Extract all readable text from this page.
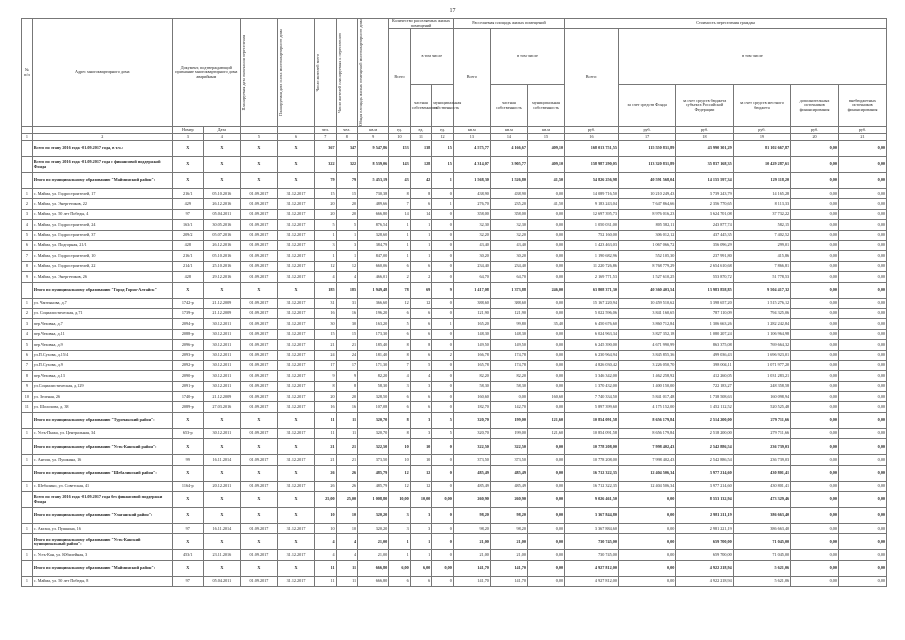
17
№ п/п	Адрес многоквартирного дома	Документ, подтверждающий признание многоквартирного дома аварийным		Планируемая дата окончания переселения	Планируемая дата сноса многоквартирного дома	Число жителей всего	Число жителей планируемых к переселению	Общая площадь жилых помещений многоквартирного дома	Количество расселяемых жилых помещений			Расселяемая площадь жилых помещений			Стоимость переселения граждан					
									Всего	в том числе		Всего	в том числе		Всего:	в том числе				
										частная собственность	муниципальная собственность		частная собственность	муниципальная собственность		за счет средств Фонда	за счет средств бюджета субъекта Российской Федерации	за счет средств местного бюджета	дополнительных источников финансирования	внебюджетных источников финансирования
		Номер	Дата			чел.	чел.	кв.м	ед.	ед.	ед.	кв.м	кв.м	кв.м	руб.	руб.	руб.	руб.	руб.	руб.
1	2	3	4	5	6	7	8	9	10	11	12	13	14	15	16	17	18	19	20	21
	Всего по этапу 2016 года -01.09.2017 года, в т.ч.:	X	X	X	X	367	347	9 547,86	153	138	15	4 575,77	4 166,67	409,10	168 013 751,55	115 550 831,89	43 990 301,29	81 102 667,87	0,00	0,00
	Всего по этапу 2016 года -01.09.2017 года с финансовой поддержкой Фонда	X	X	X	X	322	322	8 539,06	143	128	15	4 314,07	3 905,77	409,10	158 987 290,05	113 320 831,89	35 837 168,35	10 429 287,61	0,00	0,00
	Итого по муниципальному образованию "Майминский район":	X	X	X	X	79	79	5 453,19	43	42	1	1 568,30	1 526,80	41,50	54 826 256,98	40 591 568,04	14 155 597,34	129 118,20	0,00	0,00
1	с. Майма, ул. Гидростроителей, 17	216/1	05.10.2016	01.09.2017	31.12.2017	15	15	730,38	8	8	0	438,90	438,90	0,00	14 089 716,50	10 210 249,43	3 739 243,79	14 165,28	0,00	0,00
2	с. Майма, ул. Энергетиков, 22	429	26.12.2016	01.09.2017	31.12.2017	20	20	489,66	7	6	1	276,70	235,20	41,50	9 183 243,04	7 647 864,66	2 356 770,65	8 113,33	0,00	0,00
3	с. Майма, ул. 50 лет Победы, 4	97	05.04.2011	01.09.2017	31.12.2017	20	20	666,80	14	14	0	358,00	358,00	0,00	12 697 395,73	8 976 016,23	3 624 701,08	37 732,22	0,00	0,00
4	с. Майма, ул. Гидростроителей, 24	163/1	30.05.2016	01.09.2017	31.12.2017	5	5	876,54	1	1	0	32,30	32,30	0,00	1 050 031,00	805 582,11	243 877,74	582,15	0,00	0,00
5	с. Майма, ул. Гидростроителей, 37	209/2	05.07.2016	01.09.2017	31.12.2017	1	1	328,60	1	1	0	32,20	32,20	0,00	752 160,00	306 012,12	437 445,35	7 402,52	0,00	0,00
6	с. Майма, ул. Подгорная, 21/1	428	26.12.2016	01.09.2017	31.12.2017	3	3	384,79	1	1	0	43,40	43,40	0,00	1 423 463,03	1 067 066,72	356 096,29	299,01	0,00	0,00
7	с. Майма, ул. Гидростроителей, 10	216/1	05.10.2016	01.09.2017	31.12.2017	1	1	847,00	1	1	0	30,20	30,20	0,00	1 190 682,96	552 105,30	237 991,80	415,86	0,00	0,00
8	с. Майма, ул. Гидростроителей, 22	214/1	25.10.2016	01.09.2017	31.12.2017	12	12	660,06	6	6	0	234,40	234,40	0,00	11 220 726,86	8 768 779,29	2 654 610,68	7 866,81	0,00	0,00
9	с. Майма, ул. Энергетиков, 26	428	29.12.2016	01.09.2017	31.12.2017	4	4	466,01	2	2	0	64,70	64,70	0,00	2 169 771,53	1 527 610,25	553 870,72	51 778,53	0,00	0,00
	Итого по муниципальному образованию "Город Горно-Алтайск"	X	X	X	X	185	185	1 949,48	78	69	9	1 417,08	1 373,88	246,00	63 808 371,30	40 360 403,54	13 983 858,85	9 504 417,32	0,00	0,00
1	ул. Чаптынова, д.7	1742-р	21.12.2009	01.09.2017	31.12.2017	31	31	366,60	12	12	0	388,60	388,60	0,00	15 167 220,94	10 459 510,62	3 398 657,20	1 515 276,12	0,00	0,00
2	ул. Социалистическая, д.71	1739-р	21.12.2009	01.09.2017	31.12.2017	16	16	196,20	6	6	0	121,90	121,90	0,00	5 022 596,06	3 841 160,65	787 110,09	794 325,06	0,00	0,00
3	пер.Чеховка, д.7	2094-р	30.12.2011	01.09.2017	31.12.2017	30	30	163,20	5	6	1	165,20	99,80	35,40	6 450 676,60	3 860 712,84	1 306 663,26	1 282 242,84	0,00	0,00
4	пер.Чеховка, д.11	2088-р	30.12.2011	01.09.2017	31.12.2017	15	15	173,30	6	6	0	148,30	148,30	0,00	6 024 963,34	3 827 352,18	1 080 207,24	1 106 964,98	0,00	0,00
5	пер.Чеховка, д.9	2096-р	30.12.2011	01.09.2017	31.12.2017	21	21	185,40	8	8	0	149,50	149,50	0,00	6 245 390,00	4 671 990,99	863 375,08	769 664,32	0,00	0,00
6	ул.П.Сухова, д.15/4	2093-р	30.12.2011	01.09.2017	31.12.2017	24	24	181,40	8	6	2	166,78	174,78	0,00	6 230 964,94	3 845 855,36	499 036,43	1 696 923,01	0,00	0,00
7	ул.П.Сухова, д.9	2092-р	30.12.2011	01.09.2017	31.12.2017	17	17	171,30	7	5	0	165,78	174,78	0,00	4 826 030,42	3 226 050,70	398 004,11	1 071 977,20	0,00	0,00
8	пер.Чеховка, д.13	2090-р	30.12.2011	01.09.2017	31.12.2017	9	9	82,20	4	4	0	82,20	82,20	0,00	3 346 342,00	1 462 258,92	412 260,05	1 031 283,21	0,00	0,00
9	ул.Социалистическая, д.129	2091-р	30.12.2011	01.09.2017	31.12.2017	8	8	58,30	3	3	0	58,30	58,30	0,00	1 370 432,00	1 400 150,00	722 183,27	248 358,58	0,00	0,00
10	ул. Зеленая, 26	1740-р	21.12.2009	01.09.2017	31.12.2017	20	20	328,50	6	6	0	160,60	0,00	160,60	7 740 334,50	5 841 017,48	1 738 508,63	160 098,94	0,00	0,00
11	ул. Шолохова, д. 38	2089-р	27.03.2016	01.09.2017	31.12.2017	16	16	107,08	6	6	0	182,70	142,70	0,00	5 897 399,60	4 175 152,00	1 452 112,52	520 525,48	0,00	0,00
	Итого по муниципальному образованию "Турочакский район":	X	X	X	X	11	11	320,70	8	3	5	320,70	199,00	121,60	10 854 091,58	8 656 179,84	2 514 200,00	279 711,66	0,00	0,00
1	с. Усть-Пыжа, ул. Центральная, 34	653-р	30.12.2011	01.09.2017	31.12.2017	11	11	320,70	8	3	5	320,70	199,00	121,60	10 854 091,58	8 656 179,84	2 518 200,00	279 711,66	0,00	0,00
	Итого по муниципальному образованию "Усть-Канский район":	X	X	X	X	21	21	322,50	10	10	0	322,50	322,50	0,00	10 778 208,00	7 998 402,43	2 542 886,54	236 739,03	0,00	0,00
1	с. Антош, ул. Пушкина, 16	99	16.11.2014	01.09.2017	31.12.2017	21	21	373,50	10	10	0	373,50	373,50	0,00	10 778 208,00	7 998 402,43	2 542 886,54	236 739,03	0,00	0,00
	Итого по муниципальному образованию "Шебалинский район":	X	X	X	X	26	26	485,79	12	12	0	485,49	485,49	0,00	16 712 322,35	12 404 506,34	3 977 214,60	430 801,41	0,00	0,00
1	с. Шебалино, ул. Советская, 41	1164-р	20.12.2011	01.09.2017	31.12.2017	26	26	485,79	12	12	0	485,49	485,49	0,00	16 712 322,35	12 404 506,34	3 977 214,60	430 801,41	0,00	0,00
	Всего по этапу 2016 года -01.09.2017 года без финансовой поддержки Фонда	X	X	X	X	25,00	25,00	1 008,80	10,00	10,00	0,00	260,90	260,90	0,00	9 026 461,50	0,00	8 553 132,94	473 329,46	0,00	0,00
	Итого по муниципальному образованию "Улаганский район":	X	X	X	X	10	10	320,20	3	3	0	98,20	98,20	0,00	3 367 844,80	0,00	2 981 211,19	386 663,40	0,00	0,00
1	с. Акташ, ул. Пушкина, 16	97	16.11.2014	01.09.2017	31.12.2017	10	10	320,20	3	3	0	98,20	98,20	0,00	3 367 884,60	0,00	2 981 221,19	386 663,40	0,00	0,00
	Итого по муниципальному образованию "Усть-Канский муниципальный район":	X	X	X	X	4	4	21,00	1	1	0	21,00	21,00	0,00	730 745,00	0,00	659 700,00	71 045,00	0,00	0,00
1	с. Усть-Кан, ул. Юбилейная, 3	453/1	23.11.2016	01.09.2017	31.12.2017	4	4	21,00	1	1	0	21,00	21,00	0,00	730 745,00	0,00	659 700,00	71 045,00	0,00	0,00
	Итого по муниципальному образованию "Майминский район":	X	X	X	X	11	11	666,80	6,00	6,00	0,00	141,70	141,70	0,00	4 927 812,00	0,00	4 922 218,94	5 621,06	0,00	0,00
1	с. Майма, ул. 50 лет Победы, 8	97	05.04.2011	01.09.2017	31.12.2017	11	11	666,80	6	6	0	141,70	141,70	0,00	4 927 812,00	0,00	4 922 218,94	5 621,06	0,00	0,00
